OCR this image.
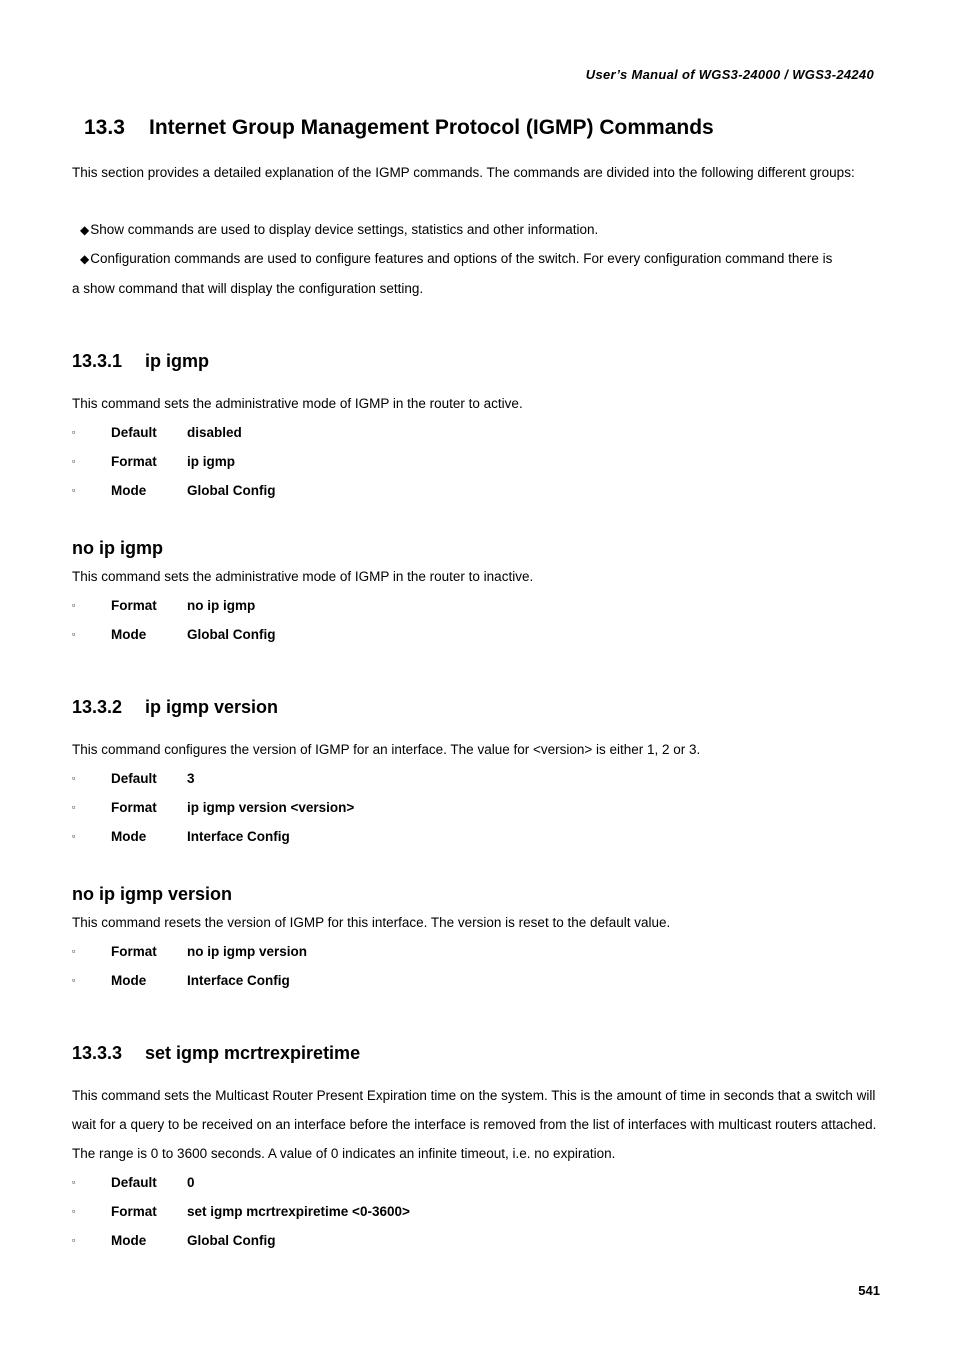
User’s Manual of WGS3-24000 / WGS3-24240
13.3 Internet Group Management Protocol (IGMP) Commands
This section provides a detailed explanation of the IGMP commands. The commands are divided into the following different groups:
◆Show commands are used to display device settings, statistics and other information.
◆Configuration commands are used to configure features and options of the switch. For every configuration command there is
a show command that will display the configuration setting.
13.3.1 ip igmp
This command sets the administrative mode of IGMP in the router to active.
▫	Default disabled
▫	Format ip igmp
▫	Mode	Global Config
no ip igmp
This command sets the administrative mode of IGMP in the router to inactive.
▫	Format no ip igmp
▫	Mode	Global Config
13.3.2 ip igmp version
This command configures the version of IGMP for an interface. The value for <version> is either 1, 2 or 3.
▫	Default 3
▫	Format ip igmp version <version>
▫	Mode	Interface Config
no ip igmp version
This command resets the version of IGMP for this interface. The version is reset to the default value.
▫	Format no ip igmp version
▫	Mode	Interface Config
13.3.3 set igmp mcrtrexpiretime
This command sets the Multicast Router Present Expiration time on the system. This is the amount of time in seconds that a switch will wait for a query to be received on an interface before the interface is removed from the list of interfaces with multicast routers attached. The range is 0 to 3600 seconds. A value of 0 indicates an infinite timeout, i.e. no expiration.
▫	Default 0
▫	Format set igmp mcrtrexpiretime <0-3600>
▫	Mode	Global Config
541
